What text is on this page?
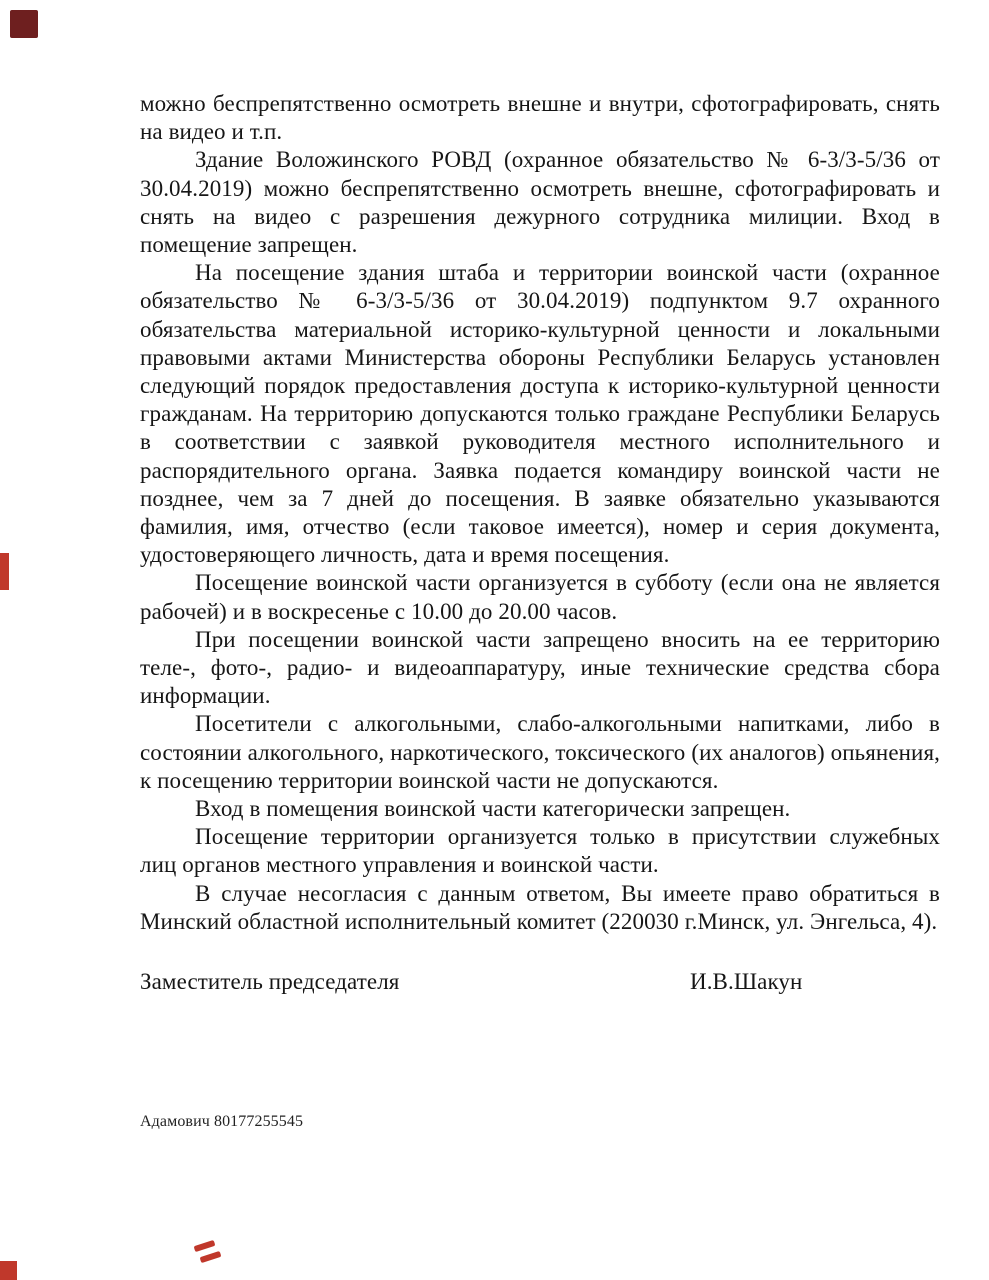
можно беспрепятственно осмотреть внешне и внутри, сфотографировать, снять на видео и т.п.

Здание Воложинского РОВД (охранное обязательство № 6-3/3-5/36 от 30.04.2019) можно беспрепятственно осмотреть внешне, сфотографировать и снять на видео с разрешения дежурного сотрудника милиции. Вход в помещение запрещен.

На посещение здания штаба и территории воинской части (охранное обязательство № 6-3/3-5/36 от 30.04.2019) подпунктом 9.7 охранного обязательства материальной историко-культурной ценности и локальными правовыми актами Министерства обороны Республики Беларусь установлен следующий порядок предоставления доступа к историко-культурной ценности гражданам. На территорию допускаются только граждане Республики Беларусь в соответствии с заявкой руководителя местного исполнительного и распорядительного органа. Заявка подается командиру воинской части не позднее, чем за 7 дней до посещения. В заявке обязательно указываются фамилия, имя, отчество (если таковое имеется), номер и серия документа, удостоверяющего личность, дата и время посещения.

Посещение воинской части организуется в субботу (если она не является рабочей) и в воскресенье с 10.00 до 20.00 часов.

При посещении воинской части запрещено вносить на ее территорию теле-, фото-, радио- и видеоаппаратуру, иные технические средства сбора информации.

Посетители с алкогольными, слабо-алкогольными напитками, либо в состоянии алкогольного, наркотического, токсического (их аналогов) опьянения, к посещению территории воинской части не допускаются.

Вход в помещения воинской части категорически запрещен.

Посещение территории организуется только в присутствии служебных лиц органов местного управления и воинской части.

В случае несогласия с данным ответом, Вы имеете право обратиться в Минский областной исполнительный комитет (220030 г.Минск, ул. Энгельса, 4).

Заместитель председателя	И.В.Шакун
Адамович 80177255545
